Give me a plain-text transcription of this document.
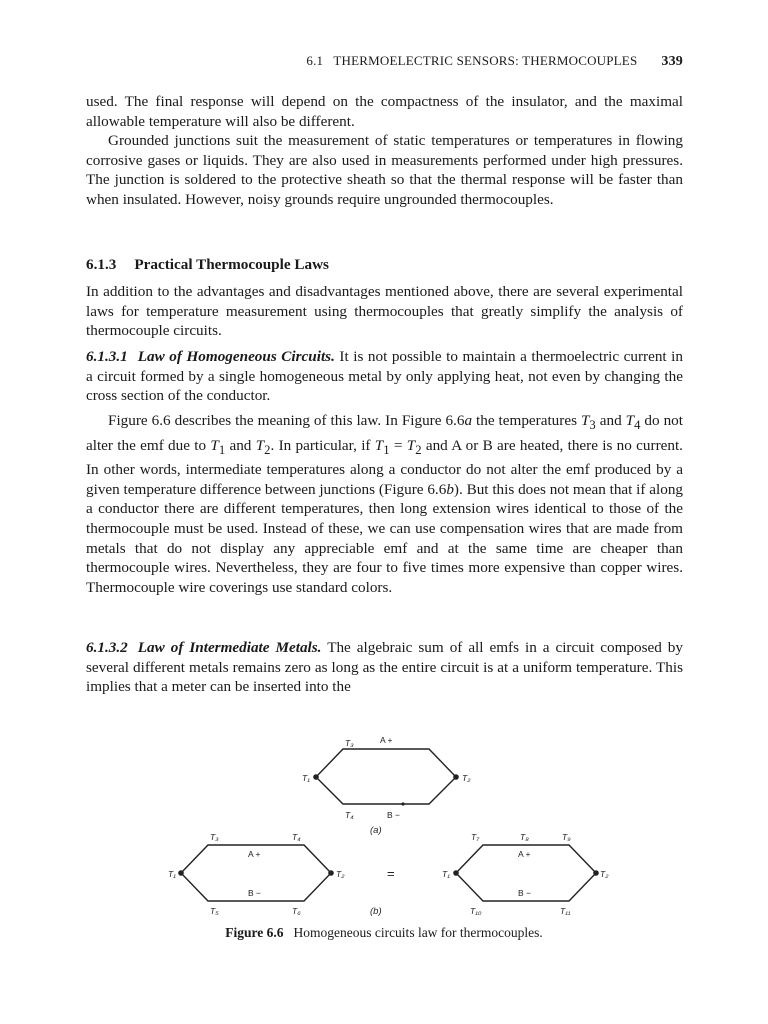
6.1   THERMOELECTRIC SENSORS: THERMOCOUPLES 339

used. The final response will depend on the compactness of the insulator, and the maximal allowable temperature will also be different.

Grounded junctions suit the measurement of static temperatures or temperatures in flowing corrosive gases or liquids. They are also used in measurements performed under high pressures. The junction is soldered to the protective sheath so that the thermal response will be faster than when insulated. However, noisy grounds require ungrounded thermocouples.

6.1.3 Practical Thermocouple Laws

In addition to the advantages and disadvantages mentioned above, there are several experimental laws for temperature measurement using thermocouples that greatly simplify the analysis of thermocouple circuits.

6.1.3.1 Law of Homogeneous Circuits. It is not possible to maintain a thermoelectric current in a circuit formed by a single homogeneous metal by only applying heat, not even by changing the cross section of the conductor.

Figure 6.6 describes the meaning of this law. In Figure 6.6a the temperatures $T_3$ and $T_4$ do not alter the emf due to $T_1$ and $T_2$. In particular, if $T_1 = T_2$ and A or B are heated, there is no current. In other words, intermediate temperatures along a conductor do not alter the emf produced by a given temperature difference between junctions (Figure 6.6b). But this does not mean that if along a conductor there are different temperatures, then long extension wires identical to those of the thermocouple must be used. Instead of these, we can use compensation wires that are made from metals that do not display any appreciable emf and at the same time are cheaper than thermocouple wires. Nevertheless, they are four to five times more expensive than copper wires. Thermocouple wire coverings use standard colors.

6.1.3.2 Law of Intermediate Metals. The algebraic sum of all emfs in a circuit composed by several different metals remains zero as long as the entire circuit is at a uniform temperature. This implies that a meter can be inserted into the

T₃	A +
T₁	T₂
T₄	B −
(a)
T₃	T₄
A +
T₁	T₂
B −
T₅	T₆
=
(b)
T₇	T₈	T₉
A +
T₁	T₂
B −
T₁₀	T₁₁
Figure 6.6 Homogeneous circuits law for thermocouples.
